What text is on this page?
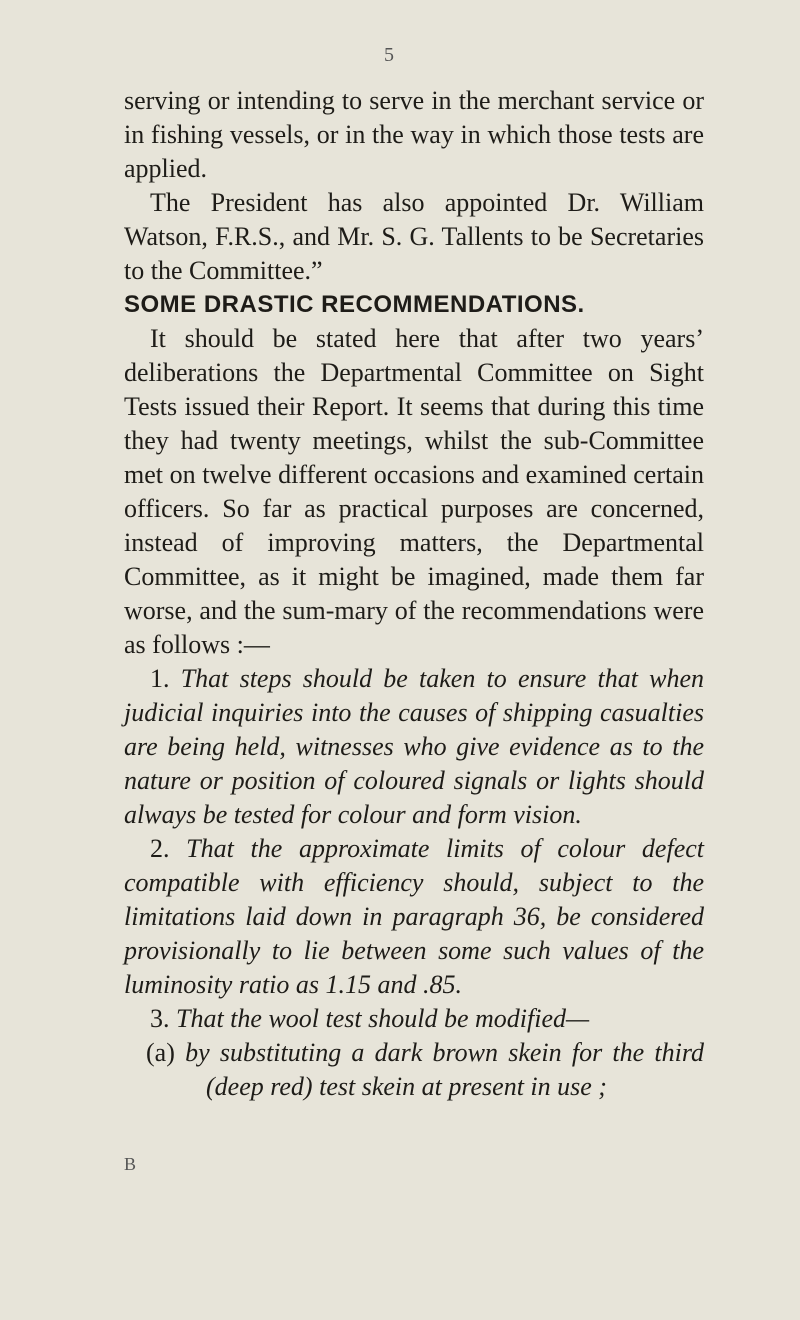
5

serving or intending to serve in the merchant service or in fishing vessels, or in the way in which those tests are applied.

The President has also appointed Dr. William Watson, F.R.S., and Mr. S. G. Tallents to be Secretaries to the Committee.”

SOME DRASTIC RECOMMENDATIONS.

It should be stated here that after two years’ deliberations the Departmental Committee on Sight Tests issued their Report. It seems that during this time they had twenty meetings, whilst the sub-Committee met on twelve different occasions and examined certain officers. So far as practical purposes are concerned, instead of improving matters, the Departmental Committee, as it might be imagined, made them far worse, and the sum-mary of the recommendations were as follows :—

1. That steps should be taken to ensure that when judicial inquiries into the causes of shipping casualties are being held, witnesses who give evidence as to the nature or position of coloured signals or lights should always be tested for colour and form vision.

2. That the approximate limits of colour defect compatible with efficiency should, subject to the limitations laid down in paragraph 36, be considered provisionally to lie between some such values of the luminosity ratio as 1.15 and .85.

3. That the wool test should be modified—

(a) by substituting a dark brown skein for the third (deep red) test skein at present in use ;

B
